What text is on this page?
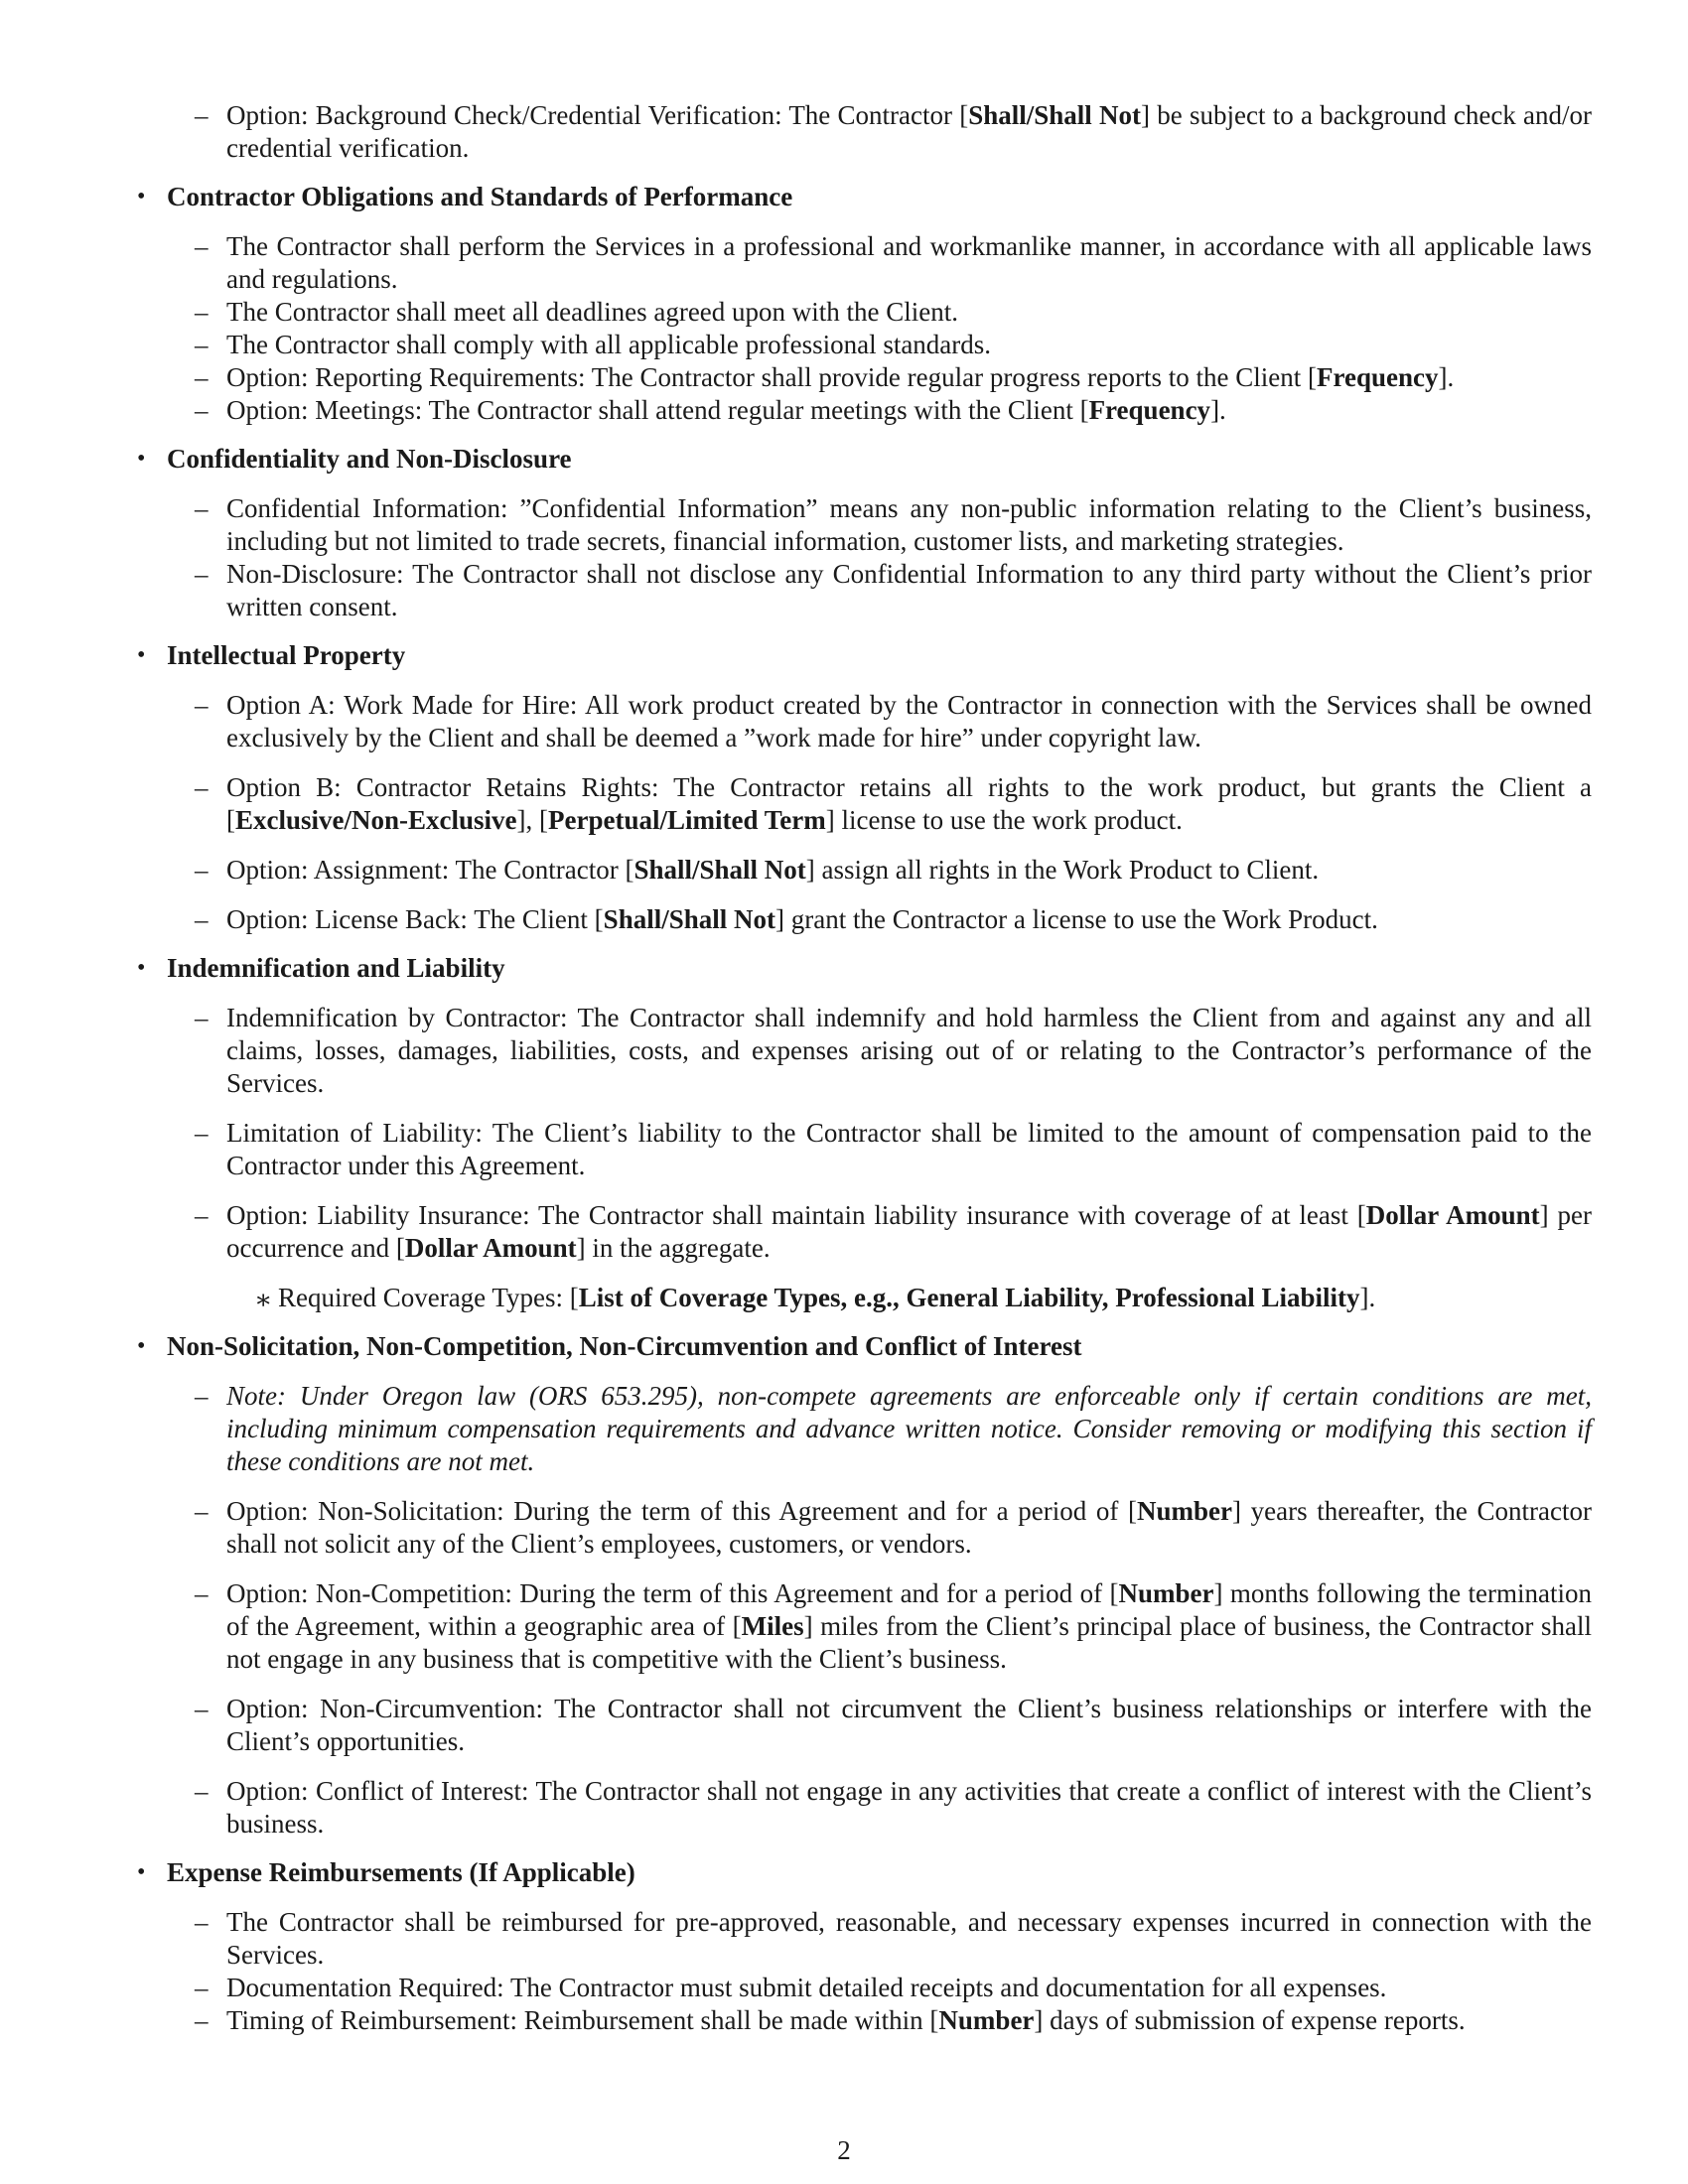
– Option: Background Check/Credential Verification: The Contractor [Shall/Shall Not] be subject to a background check and/or credential verification.
• Contractor Obligations and Standards of Performance
– The Contractor shall perform the Services in a professional and workmanlike manner, in accordance with all applicable laws and regulations.
– The Contractor shall meet all deadlines agreed upon with the Client.
– The Contractor shall comply with all applicable professional standards.
– Option: Reporting Requirements: The Contractor shall provide regular progress reports to the Client [Frequency].
– Option: Meetings: The Contractor shall attend regular meetings with the Client [Frequency].
• Confidentiality and Non-Disclosure
– Confidential Information: ”Confidential Information” means any non-public information relating to the Client’s business, including but not limited to trade secrets, financial information, customer lists, and marketing strategies.
– Non-Disclosure: The Contractor shall not disclose any Confidential Information to any third party without the Client’s prior written consent.
• Intellectual Property
– Option A: Work Made for Hire: All work product created by the Contractor in connection with the Services shall be owned exclusively by the Client and shall be deemed a ”work made for hire” under copyright law.
– Option B: Contractor Retains Rights: The Contractor retains all rights to the work product, but grants the Client a [Exclusive/Non-Exclusive], [Perpetual/Limited Term] license to use the work product.
– Option: Assignment: The Contractor [Shall/Shall Not] assign all rights in the Work Product to Client.
– Option: License Back: The Client [Shall/Shall Not] grant the Contractor a license to use the Work Product.
• Indemnification and Liability
– Indemnification by Contractor: The Contractor shall indemnify and hold harmless the Client from and against any and all claims, losses, damages, liabilities, costs, and expenses arising out of or relating to the Contractor’s performance of the Services.
– Limitation of Liability: The Client’s liability to the Contractor shall be limited to the amount of compensation paid to the Contractor under this Agreement.
– Option: Liability Insurance: The Contractor shall maintain liability insurance with coverage of at least [Dollar Amount] per occurrence and [Dollar Amount] in the aggregate.
∗ Required Coverage Types: [List of Coverage Types, e.g., General Liability, Professional Liability].
• Non-Solicitation, Non-Competition, Non-Circumvention and Conflict of Interest
– Note: Under Oregon law (ORS 653.295), non-compete agreements are enforceable only if certain conditions are met, including minimum compensation requirements and advance written notice. Consider removing or modifying this section if these conditions are not met.
– Option: Non-Solicitation: During the term of this Agreement and for a period of [Number] years thereafter, the Contractor shall not solicit any of the Client’s employees, customers, or vendors.
– Option: Non-Competition: During the term of this Agreement and for a period of [Number] months following the termination of the Agreement, within a geographic area of [Miles] miles from the Client’s principal place of business, the Contractor shall not engage in any business that is competitive with the Client’s business.
– Option: Non-Circumvention: The Contractor shall not circumvent the Client’s business relationships or interfere with the Client’s opportunities.
– Option: Conflict of Interest: The Contractor shall not engage in any activities that create a conflict of interest with the Client’s business.
• Expense Reimbursements (If Applicable)
– The Contractor shall be reimbursed for pre-approved, reasonable, and necessary expenses incurred in connection with the Services.
– Documentation Required: The Contractor must submit detailed receipts and documentation for all expenses.
– Timing of Reimbursement: Reimbursement shall be made within [Number] days of submission of expense reports.
2
